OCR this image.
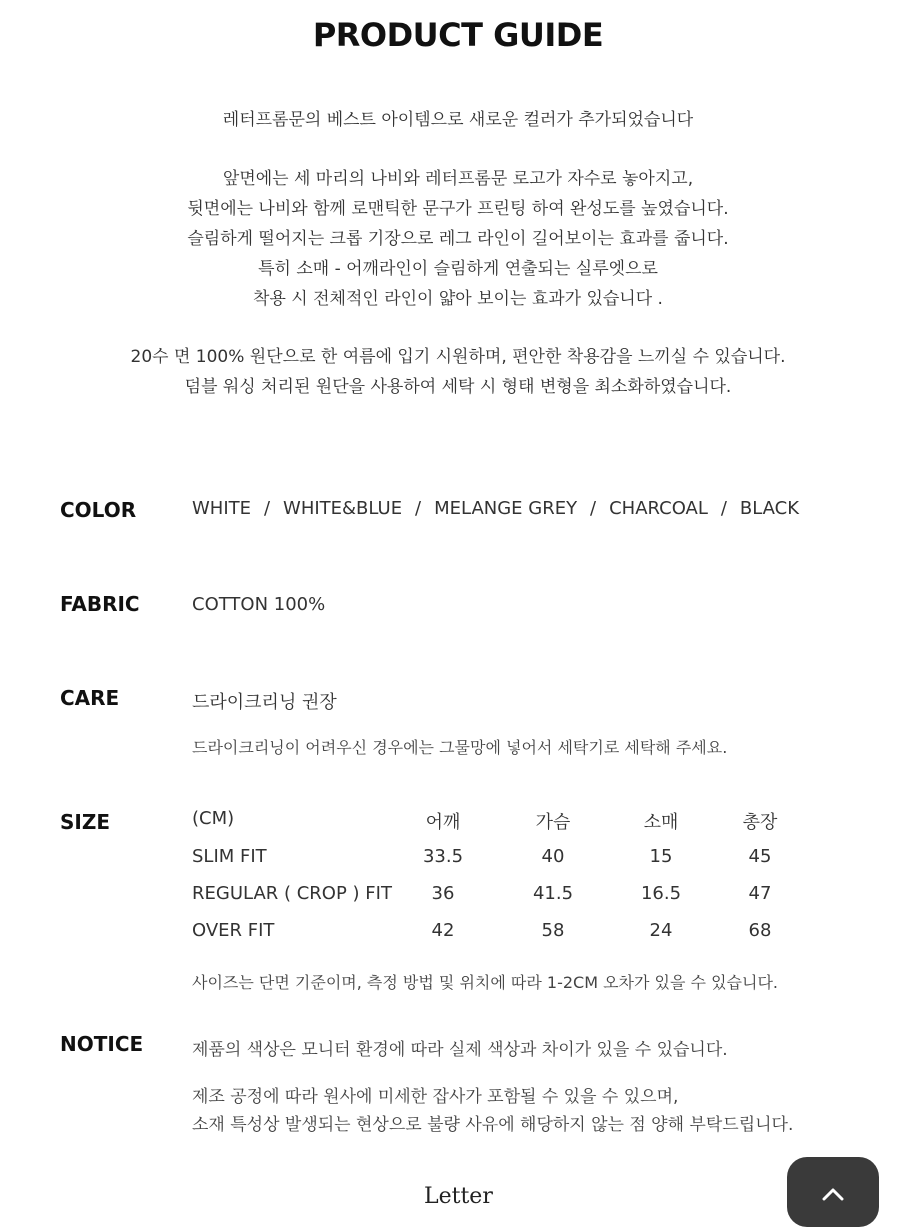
PRODUCT GUIDE
레터프롬문의 베스트 아이템으로 새로운 컬러가 추가되었습니다
앞면에는 세 마리의 나비와 레터프롬문 로고가 자수로 놓아지고,
뒷면에는 나비와 함께 로맨틱한 문구가 프린팅 하여 완성도를 높였습니다.
슬림하게 떨어지는 크롭 기장으로 레그 라인이 길어보이는 효과를 줍니다.
특히 소매 - 어깨라인이 슬림하게 연출되는 실루엣으로
착용 시 전체적인 라인이 얇아 보이는 효과가 있습니다 .
20수 면 100% 원단으로 한 여름에 입기 시원하며, 편안한 착용감을 느끼실 수 있습니다.
덤블 워싱 처리된 원단을 사용하여 세탁 시 형태 변형을 최소화하였습니다.
COLOR	WHITE / WHITE&BLUE / MELANGE GREY / CHARCOAL / BLACK
FABRIC	COTTON 100%
CARE	드라이크리닝 권장
드라이크리닝이 어려우신 경우에는 그물망에 넣어서 세탁기로 세탁해 주세요.
SIZE	(CM)	어깨	가슴	소매	총장
SLIM FIT	33.5	40	15	45
REGULAR ( CROP ) FIT	36	41.5	16.5	47
OVER FIT	42	58	24	68
사이즈는 단면 기준이며, 측정 방법 및 위치에 따라 1-2CM 오차가 있을 수 있습니다.
NOTICE	제품의 색상은 모니터 환경에 따라 실제 색상과 차이가 있을 수 있습니다.
제조 공정에 따라 원사에 미세한 잡사가 포함될 수 있을 수 있으며,
소재 특성상 발생되는 현상으로 불량 사유에 해당하지 않는 점 양해 부탁드립니다.
Letter
